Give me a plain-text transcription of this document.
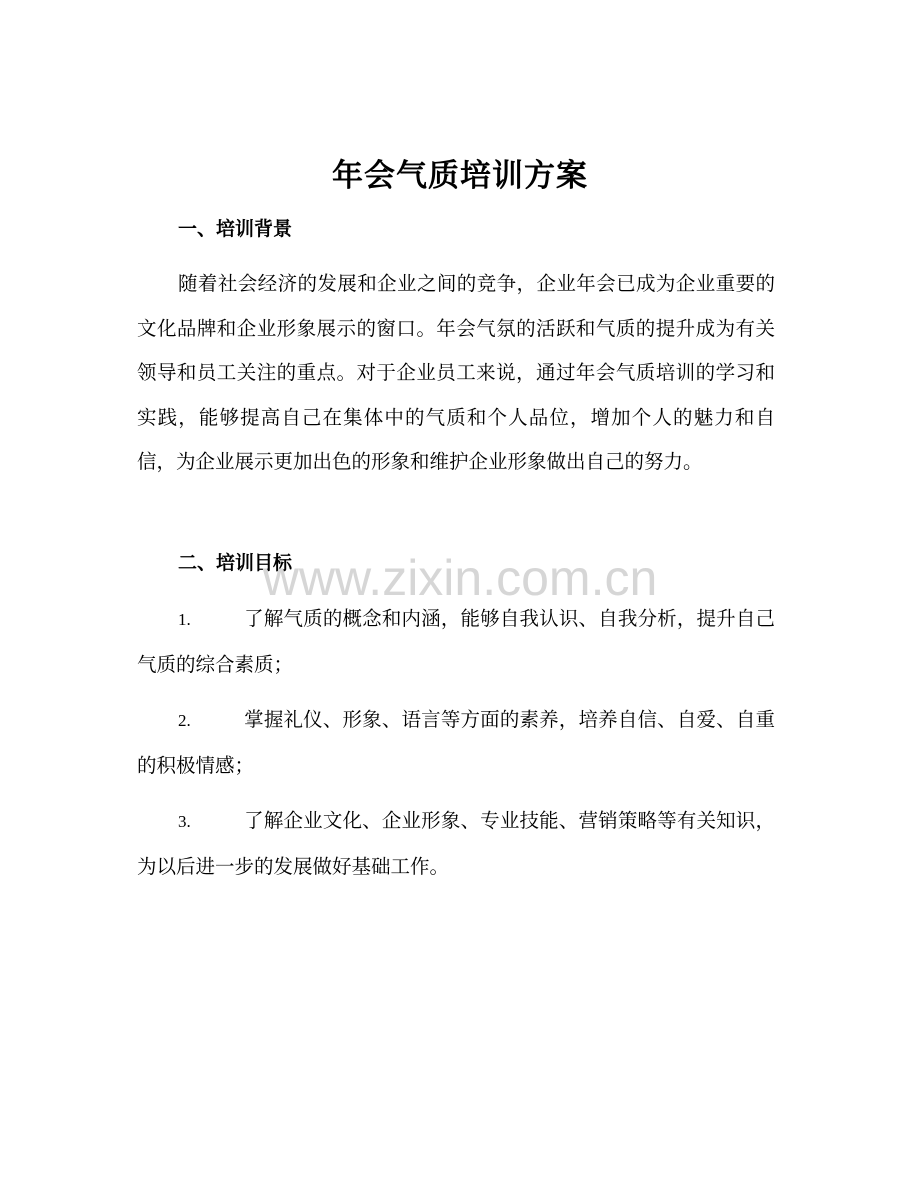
年会气质培训方案
一、培训背景

随着社会经济的发展和企业之间的竞争，企业年会已成为企业重要的文化品牌和企业形象展示的窗口。年会气氛的活跃和气质的提升成为有关领导和员工关注的重点。对于企业员工来说，通过年会气质培训的学习和实践，能够提高自己在集体中的气质和个人品位，增加个人的魅力和自信，为企业展示更加出色的形象和维护企业形象做出自己的努力。

二、培训目标

1.	了解气质的概念和内涵，能够自我认识、自我分析，提升自己气质的综合素质；

2.	掌握礼仪、形象、语言等方面的素养，培养自信、自爱、自重的积极情感；

3.	了解企业文化、企业形象、专业技能、营销策略等有关知识，为以后进一步的发展做好基础工作。

www.zixin.com.cn
